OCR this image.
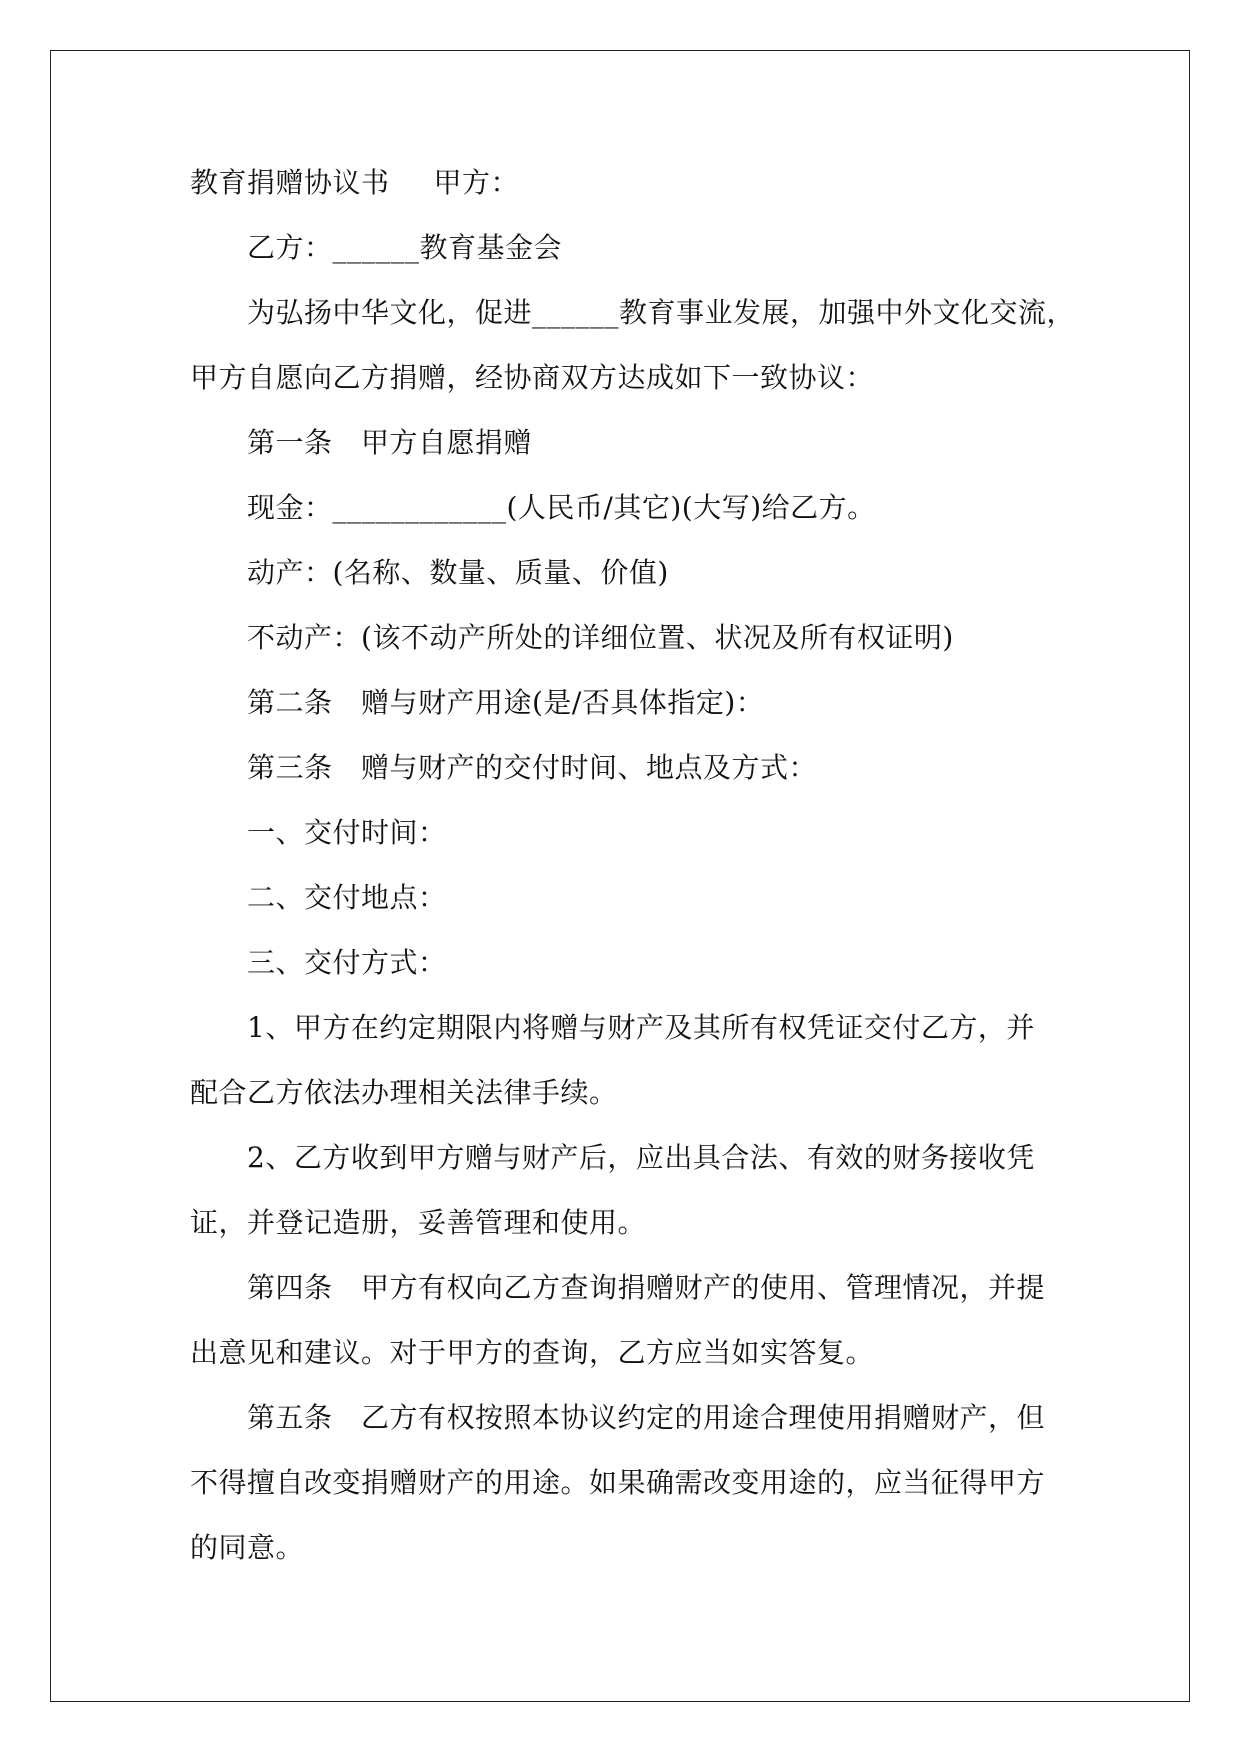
教育捐赠协议书 甲方：
乙方：______教育基金会
为弘扬中华文化，促进______教育事业发展，加强中外文化交流，
甲方自愿向乙方捐赠，经协商双方达成如下一致协议：
第一条　甲方自愿捐赠
现金：____________(人民币/其它)(大写)给乙方。
动产：(名称、数量、质量、价值)
不动产：(该不动产所处的详细位置、状况及所有权证明)
第二条　赠与财产用途(是/否具体指定)：
第三条　赠与财产的交付时间、地点及方式：
一、交付时间：
二、交付地点：
三、交付方式：
1、甲方在约定期限内将赠与财产及其所有权凭证交付乙方，并
配合乙方依法办理相关法律手续。
2、乙方收到甲方赠与财产后，应出具合法、有效的财务接收凭
证，并登记造册，妥善管理和使用。
第四条　甲方有权向乙方查询捐赠财产的使用、管理情况，并提
出意见和建议。对于甲方的查询，乙方应当如实答复。
第五条　乙方有权按照本协议约定的用途合理使用捐赠财产，但
不得擅自改变捐赠财产的用途。如果确需改变用途的，应当征得甲方
的同意。
